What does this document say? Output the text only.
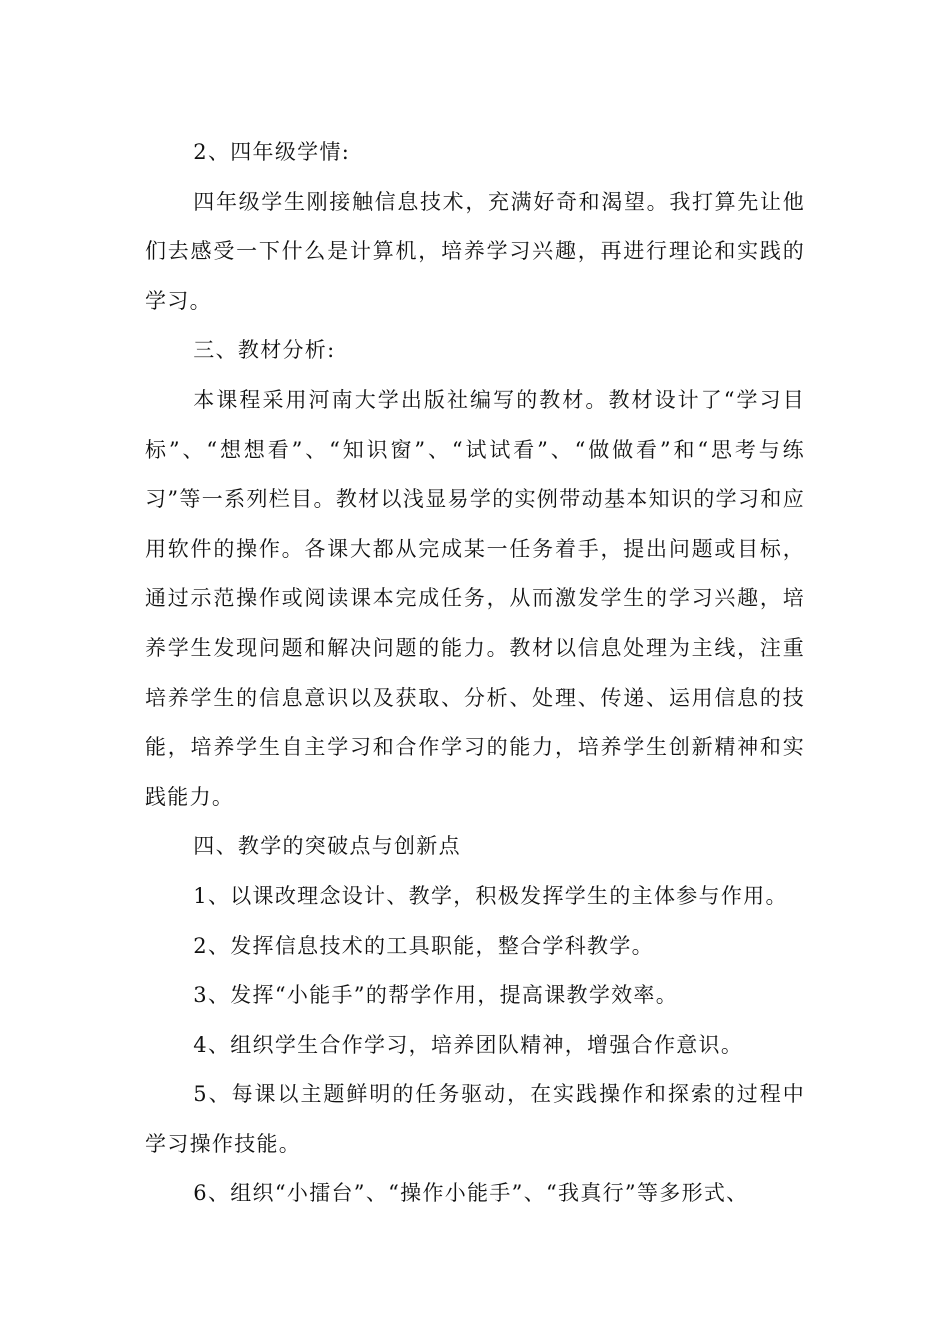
2、四年级学情:

四年级学生刚接触信息技术，充满好奇和渴望。我打算先让他们去感受一下什么是计算机，培养学习兴趣，再进行理论和实践的学习。

三、教材分析:

本课程采用河南大学出版社编写的教材。教材设计了“学习目标”、“想想看”、“知识窗”、“试试看”、“做做看”和“思考与练习”等一系列栏目。教材以浅显易学的实例带动基本知识的学习和应用软件的操作。各课大都从完成某一任务着手，提出问题或目标，通过示范操作或阅读课本完成任务，从而激发学生的学习兴趣，培养学生发现问题和解决问题的能力。教材以信息处理为主线，注重培养学生的信息意识以及获取、分析、处理、传递、运用信息的技能，培养学生自主学习和合作学习的能力，培养学生创新精神和实践能力。

四、教学的突破点与创新点

1、以课改理念设计、教学，积极发挥学生的主体参与作用。

2、发挥信息技术的工具职能，整合学科教学。

3、发挥“小能手”的帮学作用，提高课教学效率。

4、组织学生合作学习，培养团队精神，增强合作意识。

5、每课以主题鲜明的任务驱动，在实践操作和探索的过程中学习操作技能。

6、组织“小擂台”、“操作小能手”、“我真行”等多形式、
